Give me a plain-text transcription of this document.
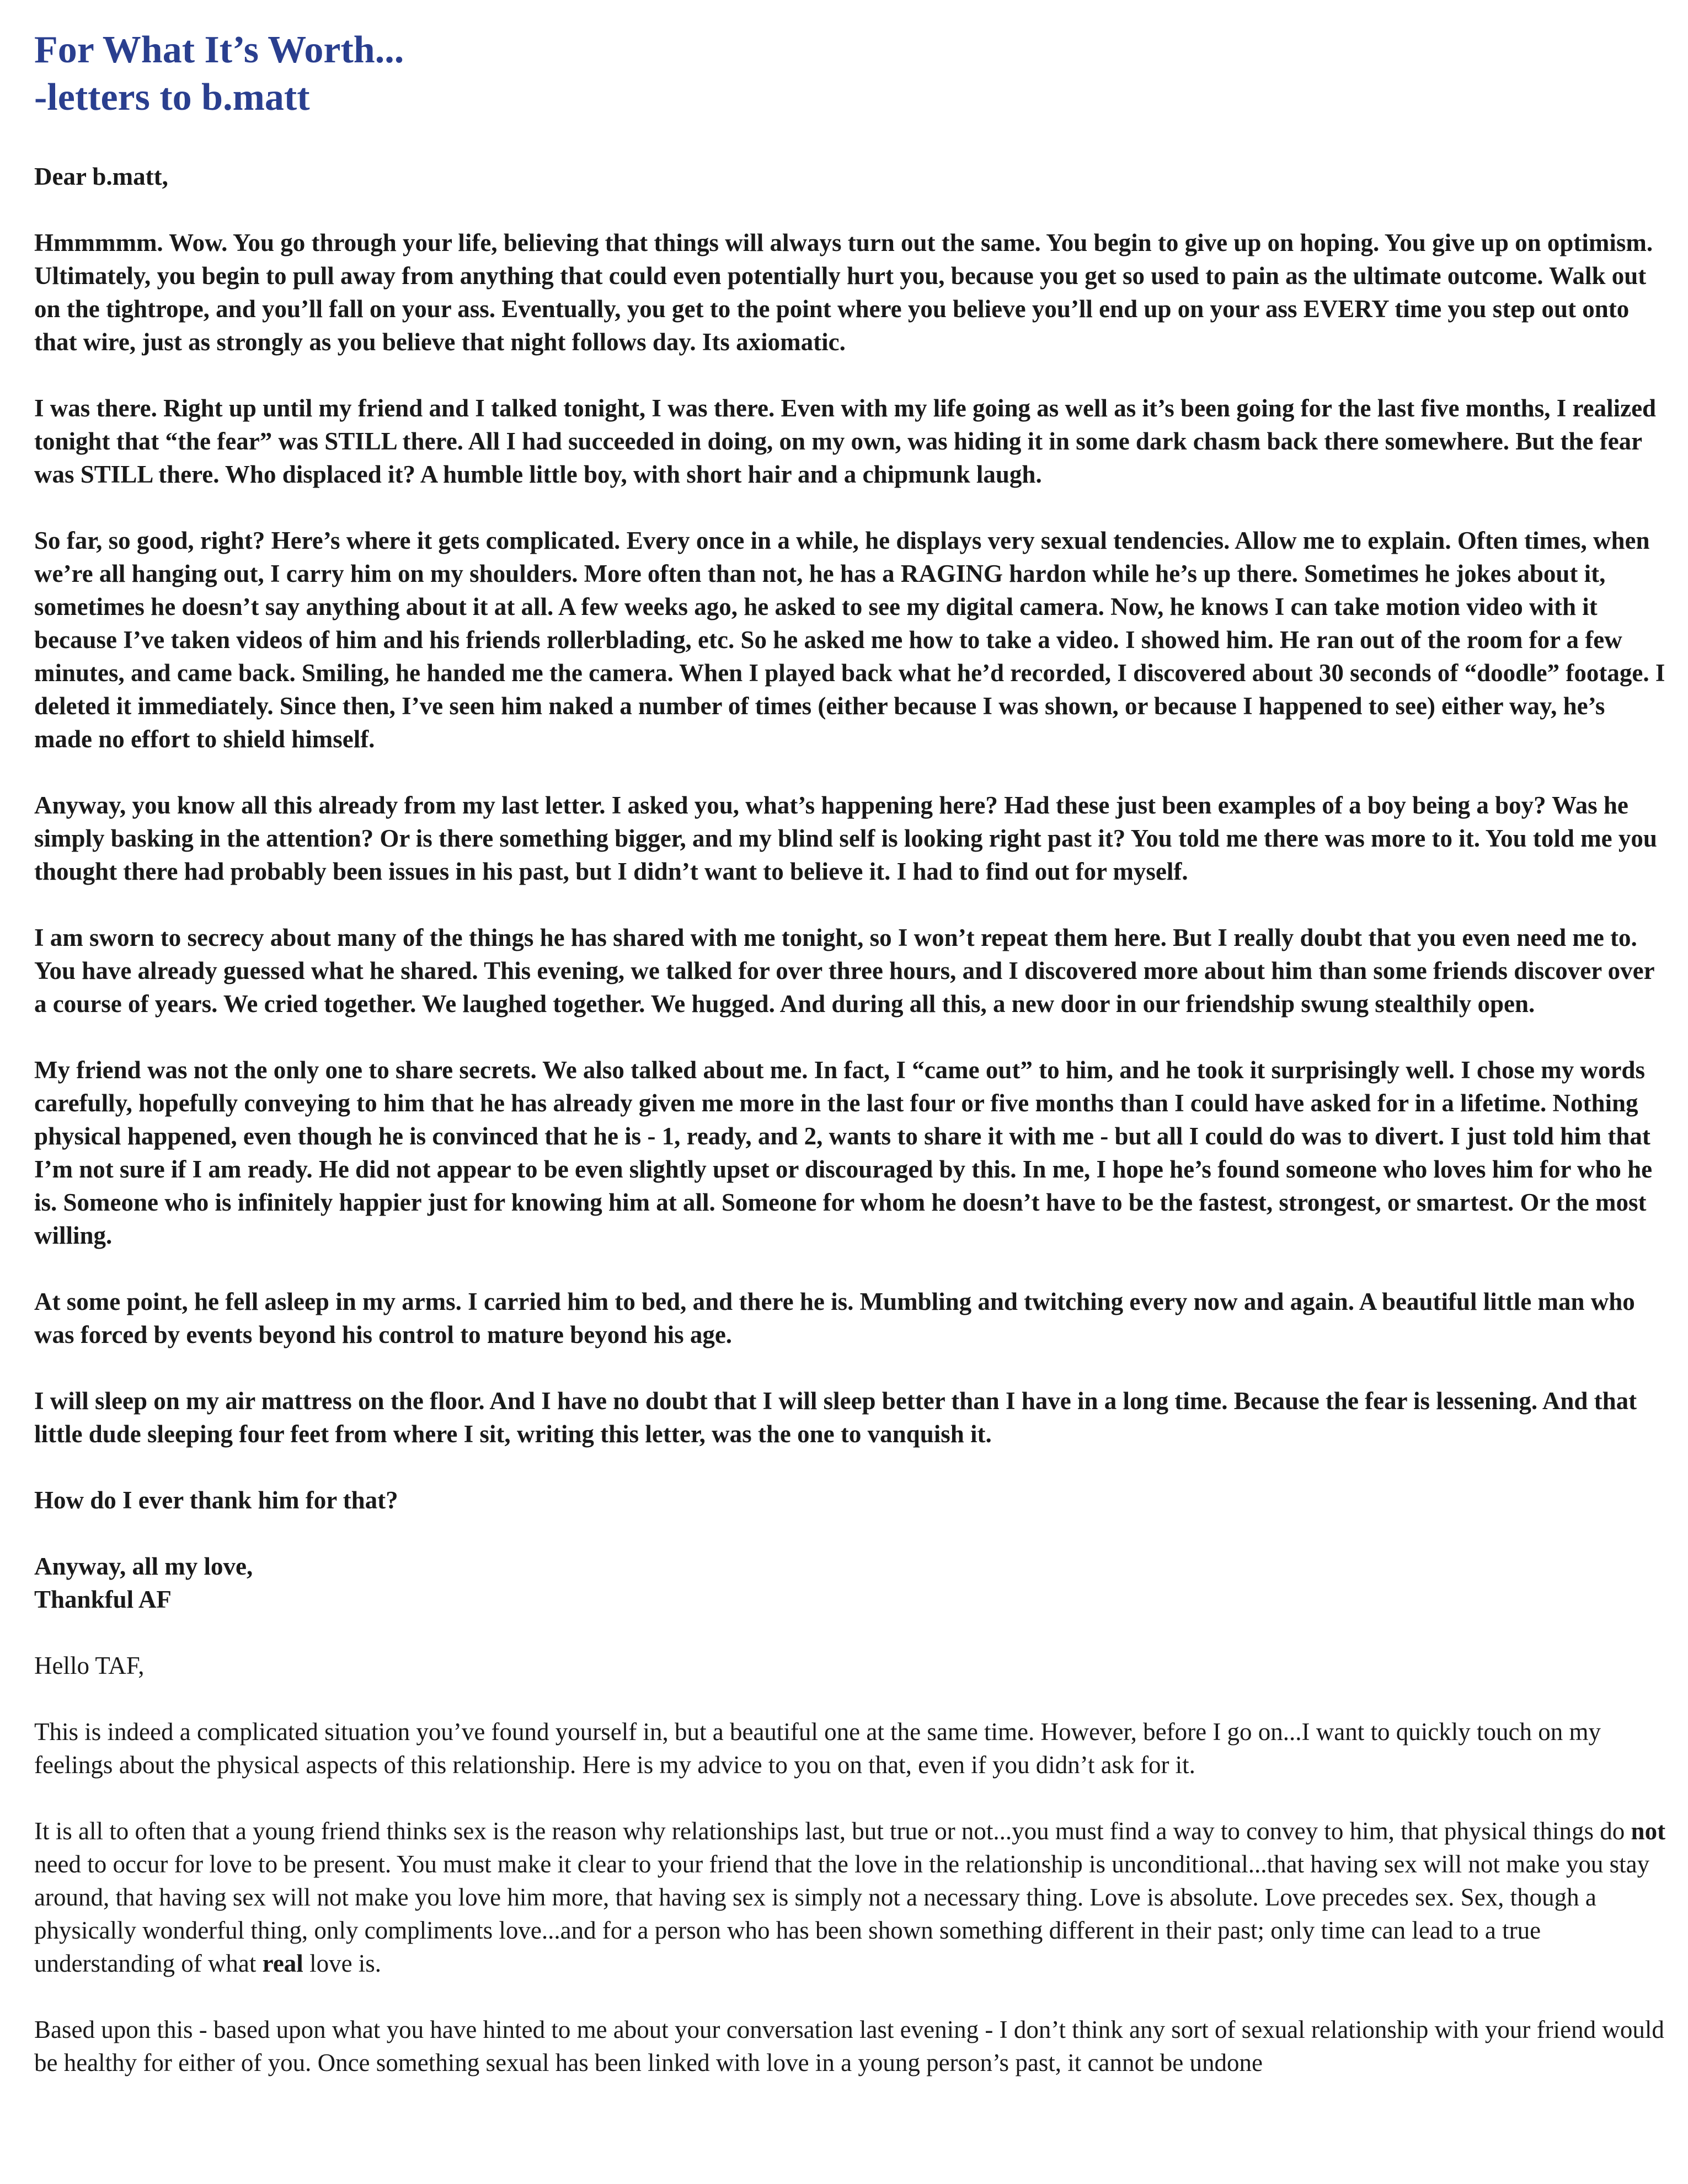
For What It’s Worth...
-letters to b.matt

Dear b.matt,

Hmmmmm. Wow. You go through your life, believing that things will always turn out the same. You begin to give up on hoping. You give up on optimism. Ultimately, you begin to pull away from anything that could even potentially hurt you, because you get so used to pain as the ultimate outcome. Walk out on the tightrope, and you’ll fall on your ass. Eventually, you get to the point where you believe you’ll end up on your ass EVERY time you step out onto that wire, just as strongly as you believe that night follows day. Its axiomatic.

I was there. Right up until my friend and I talked tonight, I was there. Even with my life going as well as it’s been going for the last five months, I realized tonight that “the fear” was STILL there. All I had succeeded in doing, on my own, was hiding it in some dark chasm back there somewhere. But the fear was STILL there. Who displaced it? A humble little boy, with short hair and a chipmunk laugh.

So far, so good, right? Here’s where it gets complicated. Every once in a while, he displays very sexual tendencies. Allow me to explain. Often times, when we’re all hanging out, I carry him on my shoulders. More often than not, he has a RAGING hardon while he’s up there. Sometimes he jokes about it, sometimes he doesn’t say anything about it at all. A few weeks ago, he asked to see my digital camera. Now, he knows I can take motion video with it because I’ve taken videos of him and his friends rollerblading, etc. So he asked me how to take a video. I showed him. He ran out of the room for a few minutes, and came back. Smiling, he handed me the camera. When I played back what he’d recorded, I discovered about 30 seconds of “doodle” footage. I deleted it immediately. Since then, I’ve seen him naked a number of times (either because I was shown, or because I happened to see) either way, he’s made no effort to shield himself.

Anyway, you know all this already from my last letter. I asked you, what’s happening here? Had these just been examples of a boy being a boy? Was he simply basking in the attention? Or is there something bigger, and my blind self is looking right past it? You told me there was more to it. You told me you thought there had probably been issues in his past, but I didn’t want to believe it. I had to find out for myself.

I am sworn to secrecy about many of the things he has shared with me tonight, so I won’t repeat them here. But I really doubt that you even need me to. You have already guessed what he shared. This evening, we talked for over three hours, and I discovered more about him than some friends discover over a course of years. We cried together. We laughed together. We hugged. And during all this, a new door in our friendship swung stealthily open.

My friend was not the only one to share secrets. We also talked about me. In fact, I “came out” to him, and he took it surprisingly well. I chose my words carefully, hopefully conveying to him that he has already given me more in the last four or five months than I could have asked for in a lifetime. Nothing physical happened, even though he is convinced that he is - 1, ready, and 2, wants to share it with me - but all I could do was to divert. I just told him that I’m not sure if I am ready. He did not appear to be even slightly upset or discouraged by this. In me, I hope he’s found someone who loves him for who he is. Someone who is infinitely happier just for knowing him at all. Someone for whom he doesn’t have to be the fastest, strongest, or smartest. Or the most willing.

At some point, he fell asleep in my arms. I carried him to bed, and there he is. Mumbling and twitching every now and again. A beautiful little man who was forced by events beyond his control to mature beyond his age.

I will sleep on my air mattress on the floor. And I have no doubt that I will sleep better than I have in a long time. Because the fear is lessening. And that little dude sleeping four feet from where I sit, writing this letter, was the one to vanquish it.

How do I ever thank him for that?

Anyway, all my love,
Thankful AF

Hello TAF,

This is indeed a complicated situation you’ve found yourself in, but a beautiful one at the same time. However, before I go on...I want to quickly touch on my feelings about the physical aspects of this relationship. Here is my advice to you on that, even if you didn’t ask for it.

It is all to often that a young friend thinks sex is the reason why relationships last, but true or not...you must find a way to convey to him, that physical things do not need to occur for love to be present. You must make it clear to your friend that the love in the relationship is unconditional...that having sex will not make you stay around, that having sex will not make you love him more, that having sex is simply not a necessary thing. Love is absolute. Love precedes sex. Sex, though a physically wonderful thing, only compliments love...and for a person who has been shown something different in their past; only time can lead to a true understanding of what real love is.

Based upon this - based upon what you have hinted to me about your conversation last evening - I don’t think any sort of sexual relationship with your friend would be healthy for either of you. Once something sexual has been linked with love in a young person’s past, it cannot be undone
